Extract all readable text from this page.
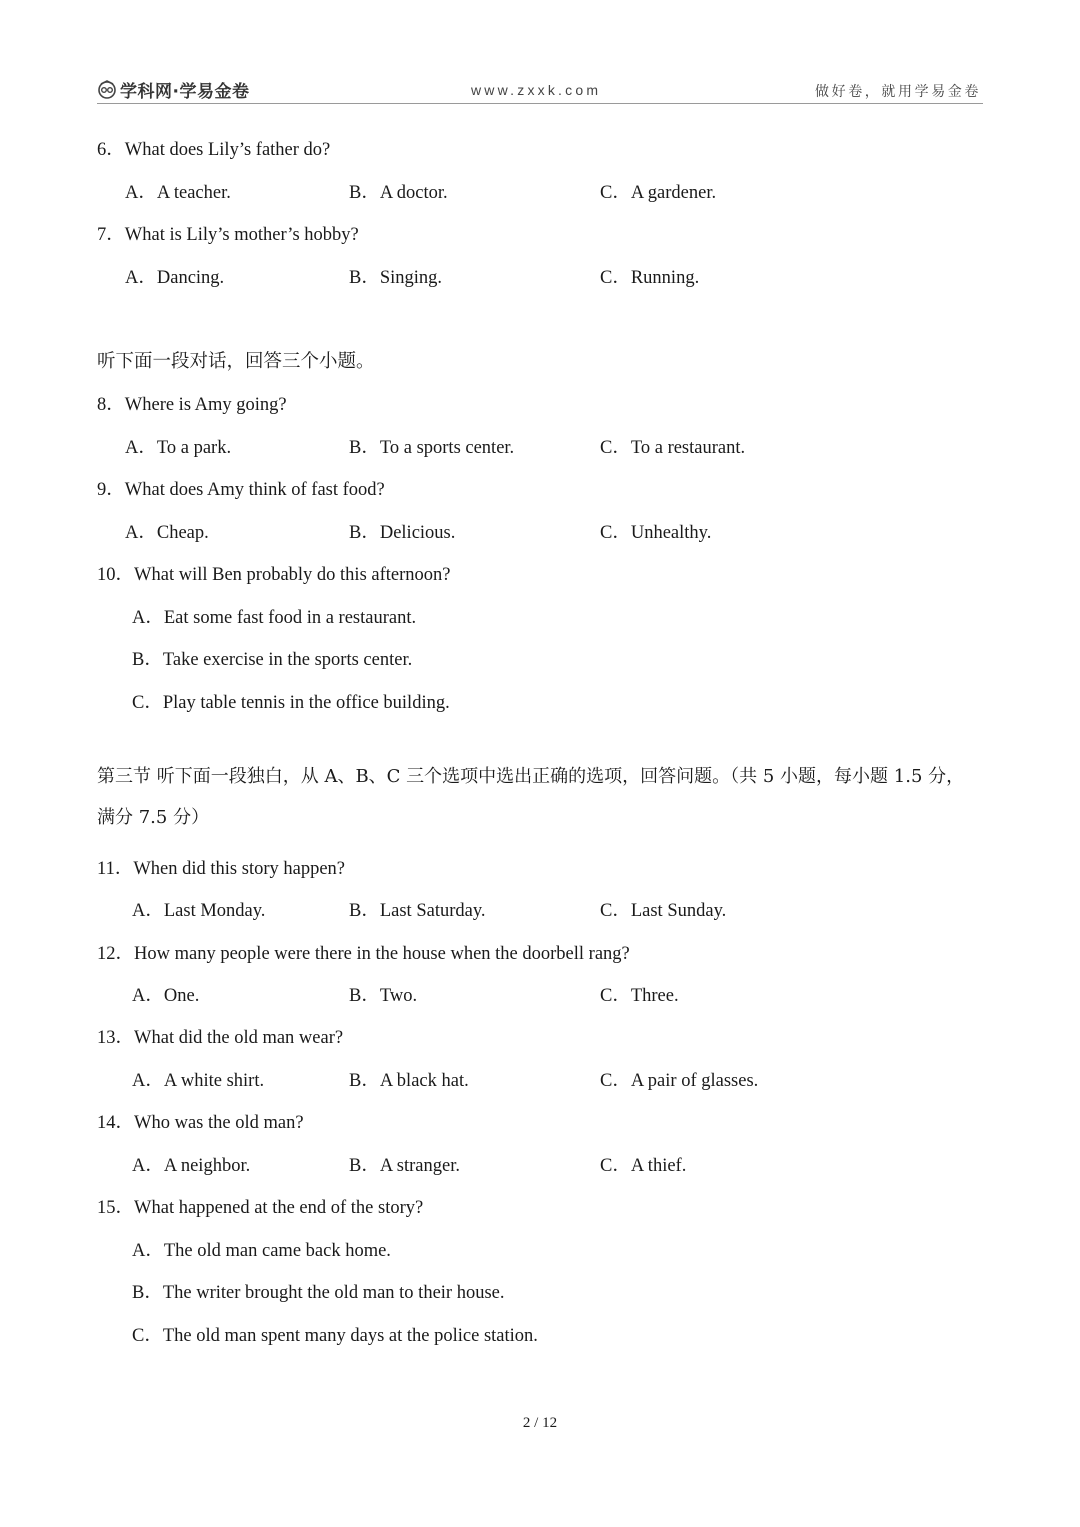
学科网·学易金卷	www.zxxk.com	做好卷，就用学易金卷
6．What does Lily’s father do?
A．A teacher.	B．A doctor.	C．A gardener.
7．What is Lily’s mother’s hobby?
A．Dancing.	B．Singing.	C．Running.
听下面一段对话，回答三个小题。
8．Where is Amy going?
A．To a park.	B．To a sports center.	C．To a restaurant.
9．What does Amy think of fast food?
A．Cheap.	B．Delicious.	C．Unhealthy.
10．What will Ben probably do this afternoon?
A．Eat some fast food in a restaurant.
B．Take exercise in the sports center.
C．Play table tennis in the office building.
第三节 听下面一段独白，从 A、B、C 三个选项中选出正确的选项，回答问题。（共 5 小题，每小题 1.5 分，
满分 7.5 分）
11．When did this story happen?
A．Last Monday.	B．Last Saturday.	C．Last Sunday.
12．How many people were there in the house when the doorbell rang?
A．One.	B．Two.	C．Three.
13．What did the old man wear?
A．A white shirt.	B．A black hat.	C．A pair of glasses.
14．Who was the old man?
A．A neighbor.	B．A stranger.	C．A thief.
15．What happened at the end of the story?
A．The old man came back home.
B．The writer brought the old man to their house.
C．The old man spent many days at the police station.
2 / 12
